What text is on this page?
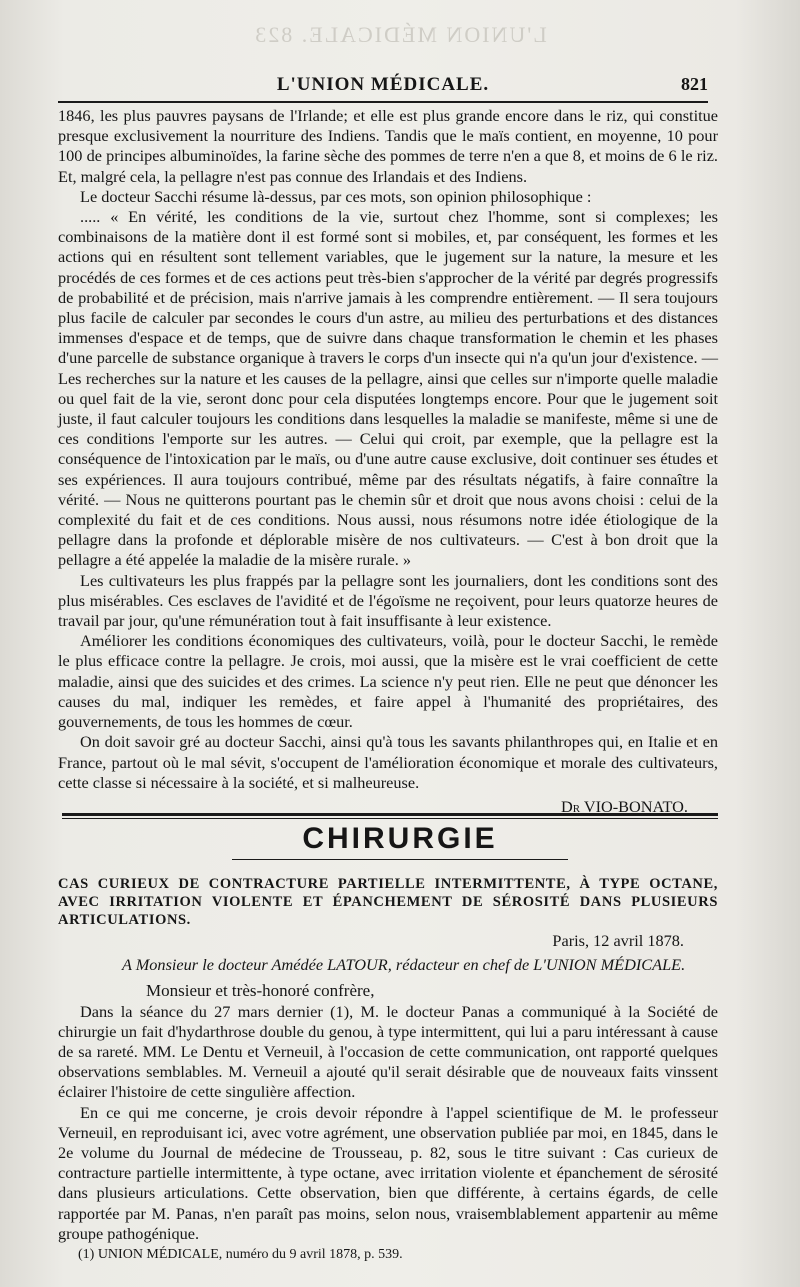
L'UNION MÉDICALE. 823
L'UNION MÉDICALE.	821

1846, les plus pauvres paysans de l'Irlande; et elle est plus grande encore dans le riz, qui constitue presque exclusivement la nourriture des Indiens. Tandis que le maïs contient, en moyenne, 10 pour 100 de principes albuminoïdes, la farine sèche des pommes de terre n'en a que 8, et moins de 6 le riz. Et, malgré cela, la pellagre n'est pas connue des Irlandais et des Indiens.

Le docteur Sacchi résume là-dessus, par ces mots, son opinion philosophique :

..... « En vérité, les conditions de la vie, surtout chez l'homme, sont si complexes; les combinaisons de la matière dont il est formé sont si mobiles, et, par conséquent, les formes et les actions qui en résultent sont tellement variables, que le jugement sur la nature, la mesure et les procédés de ces formes et de ces actions peut très-bien s'approcher de la vérité par degrés progressifs de probabilité et de précision, mais n'arrive jamais à les comprendre entièrement. — Il sera toujours plus facile de calculer par secondes le cours d'un astre, au milieu des perturbations et des distances immenses d'espace et de temps, que de suivre dans chaque transformation le chemin et les phases d'une parcelle de substance organique à travers le corps d'un insecte qui n'a qu'un jour d'existence. — Les recherches sur la nature et les causes de la pellagre, ainsi que celles sur n'importe quelle maladie ou quel fait de la vie, seront donc pour cela disputées longtemps encore. Pour que le jugement soit juste, il faut calculer toujours les conditions dans lesquelles la maladie se manifeste, même si une de ces conditions l'emporte sur les autres. — Celui qui croit, par exemple, que la pellagre est la conséquence de l'intoxication par le maïs, ou d'une autre cause exclusive, doit continuer ses études et ses expériences. Il aura toujours contribué, même par des résultats négatifs, à faire connaître la vérité. — Nous ne quitterons pourtant pas le chemin sûr et droit que nous avons choisi : celui de la complexité du fait et de ces conditions. Nous aussi, nous résumons notre idée étiologique de la pellagre dans la profonde et déplorable misère de nos cultivateurs. — C'est à bon droit que la pellagre a été appelée la maladie de la misère rurale. »

Les cultivateurs les plus frappés par la pellagre sont les journaliers, dont les conditions sont des plus misérables. Ces esclaves de l'avidité et de l'égoïsme ne reçoivent, pour leurs quatorze heures de travail par jour, qu'une rémunération tout à fait insuffisante à leur existence.

Améliorer les conditions économiques des cultivateurs, voilà, pour le docteur Sacchi, le remède le plus efficace contre la pellagre. Je crois, moi aussi, que la misère est le vrai coefficient de cette maladie, ainsi que des suicides et des crimes. La science n'y peut rien. Elle ne peut que dénoncer les causes du mal, indiquer les remèdes, et faire appel à l'humanité des propriétaires, des gouvernements, de tous les hommes de cœur.

On doit savoir gré au docteur Sacchi, ainsi qu'à tous les savants philanthropes qui, en Italie et en France, partout où le mal sévit, s'occupent de l'amélioration économique et morale des cultivateurs, cette classe si nécessaire à la société, et si malheureuse.

Dr VIO-BONATO.

CHIRURGIE

CAS CURIEUX DE CONTRACTURE PARTIELLE INTERMITTENTE, À TYPE OCTANE, AVEC IRRITATION VIOLENTE ET ÉPANCHEMENT DE SÉROSITÉ DANS PLUSIEURS ARTICULATIONS.

Paris, 12 avril 1878.

A Monsieur le docteur Amédée LATOUR, rédacteur en chef de L'UNION MÉDICALE.

Monsieur et très-honoré confrère,

Dans la séance du 27 mars dernier (1), M. le docteur Panas a communiqué à la Société de chirurgie un fait d'hydarthrose double du genou, à type intermittent, qui lui a paru intéressant à cause de sa rareté. MM. Le Dentu et Verneuil, à l'occasion de cette communication, ont rapporté quelques observations semblables. M. Verneuil a ajouté qu'il serait désirable que de nouveaux faits vinssent éclairer l'histoire de cette singulière affection.

En ce qui me concerne, je crois devoir répondre à l'appel scientifique de M. le professeur Verneuil, en reproduisant ici, avec votre agrément, une observation publiée par moi, en 1845, dans le 2e volume du Journal de médecine de Trousseau, p. 82, sous le titre suivant : Cas curieux de contracture partielle intermittente, à type octane, avec irritation violente et épanchement de sérosité dans plusieurs articulations. Cette observation, bien que différente, à certains égards, de celle rapportée par M. Panas, n'en paraît pas moins, selon nous, vraisemblablement appartenir au même groupe pathogénique.

(1) UNION MÉDICALE, numéro du 9 avril 1878, p. 539.
